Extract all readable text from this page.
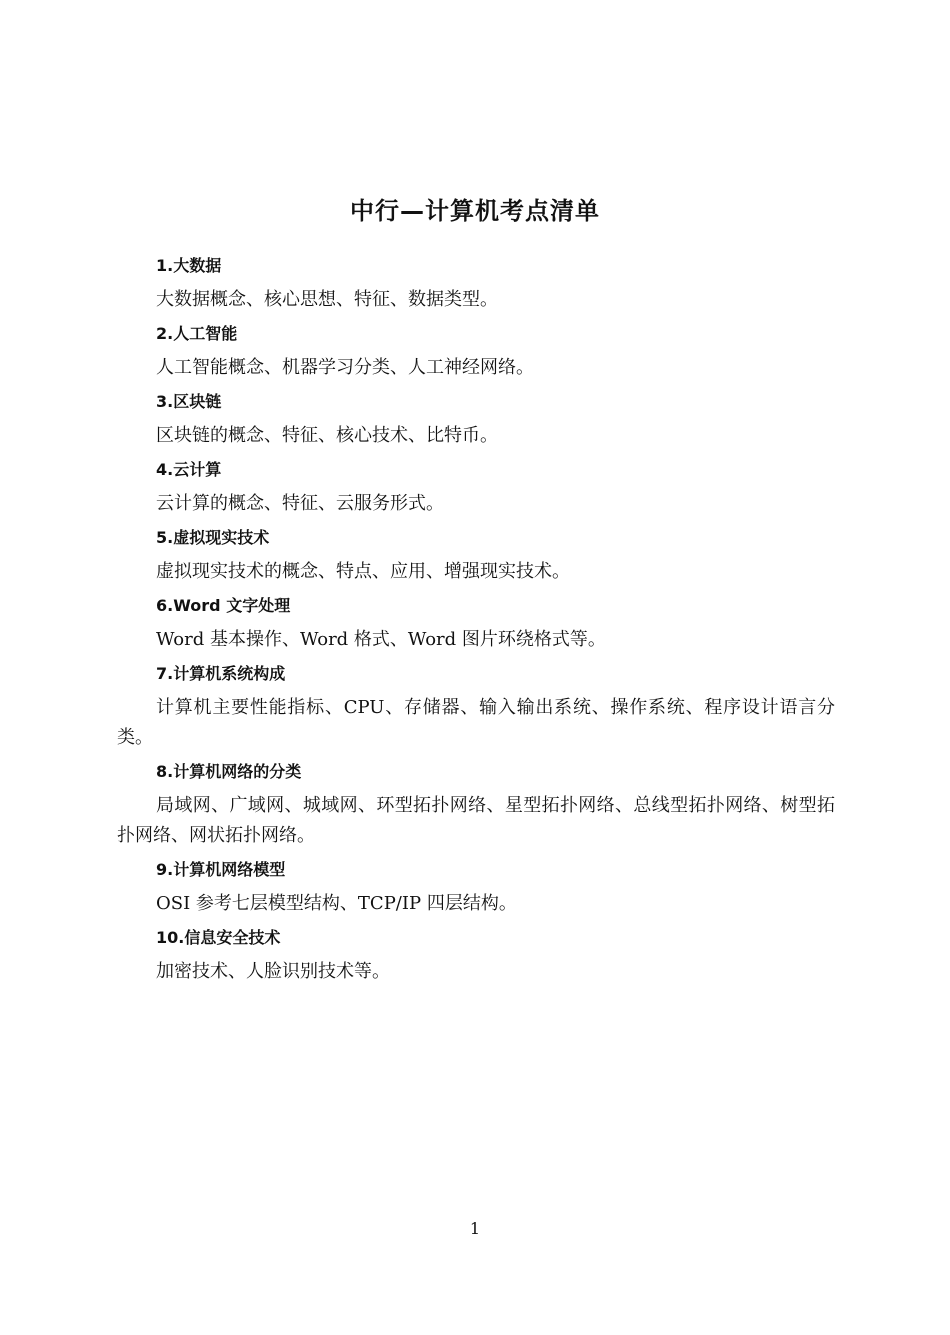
中行—计算机考点清单
1.大数据
大数据概念、核心思想、特征、数据类型。
2.人工智能
人工智能概念、机器学习分类、人工神经网络。
3.区块链
区块链的概念、特征、核心技术、比特币。
4.云计算
云计算的概念、特征、云服务形式。
5.虚拟现实技术
虚拟现实技术的概念、特点、应用、增强现实技术。
6.Word 文字处理
Word 基本操作、Word 格式、Word 图片环绕格式等。
7.计算机系统构成
计算机主要性能指标、CPU、存储器、输入输出系统、操作系统、程序设计语言分类。
8.计算机网络的分类
局域网、广域网、城域网、环型拓扑网络、星型拓扑网络、总线型拓扑网络、树型拓扑网络、网状拓扑网络。
9.计算机网络模型
OSI 参考七层模型结构、TCP/IP 四层结构。
10.信息安全技术
加密技术、人脸识别技术等。
1
